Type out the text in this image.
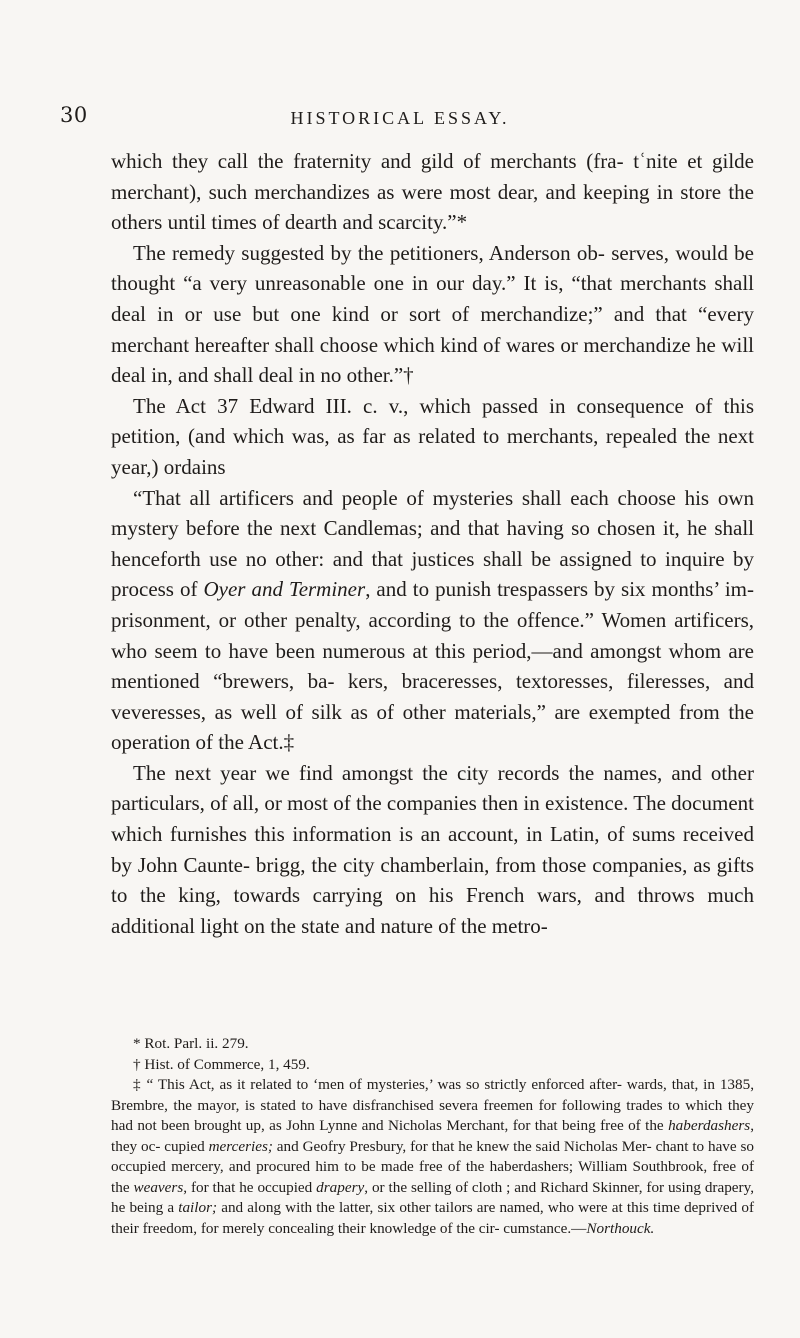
30	HISTORICAL ESSAY.

which they call the fraternity and gild of merchants (fra- tʿnite et gilde merchant), such merchandizes as were most dear, and keeping in store the others until times of dearth and scarcity.”*

The remedy suggested by the petitioners, Anderson ob- serves, would be thought “a very unreasonable one in our day.” It is, “that merchants shall deal in or use but one kind or sort of merchandize;” and that “every merchant hereafter shall choose which kind of wares or merchandize he will deal in, and shall deal in no other.”†

The Act 37 Edward III. c. v., which passed in consequence of this petition, (and which was, as far as related to merchants, repealed the next year,) ordains

“That all artificers and people of mysteries shall each choose his own mystery before the next Candlemas; and that having so chosen it, he shall henceforth use no other: and that justices shall be assigned to inquire by process of Oyer and Terminer, and to punish trespassers by six months’ im- prisonment, or other penalty, according to the offence.” Women artificers, who seem to have been numerous at this period,—and amongst whom are mentioned “brewers, ba- kers, braceresses, textoresses, fileresses, and veveresses, as well of silk as of other materials,” are exempted from the operation of the Act.‡

The next year we find amongst the city records the names, and other particulars, of all, or most of the companies then in existence. The document which furnishes this information is an account, in Latin, of sums received by John Caunte- brigg, the city chamberlain, from those companies, as gifts to the king, towards carrying on his French wars, and throws much additional light on the state and nature of the metro-

* Rot. Parl. ii. 279.

† Hist. of Commerce, 1, 459.

‡ “ This Act, as it related to ‘men of mysteries,’ was so strictly enforced after- wards, that, in 1385, Brembre, the mayor, is stated to have disfranchised severa freemen for following trades to which they had not been brought up, as John Lynne and Nicholas Merchant, for that being free of the haberdashers, they oc- cupied merceries; and Geofry Presbury, for that he knew the said Nicholas Mer- chant to have so occupied mercery, and procured him to be made free of the haberdashers; William Southbrook, free of the weavers, for that he occupied drapery, or the selling of cloth ; and Richard Skinner, for using drapery, he being a tailor; and along with the latter, six other tailors are named, who were at this time deprived of their freedom, for merely concealing their knowledge of the cir- cumstance.—Northouck.
